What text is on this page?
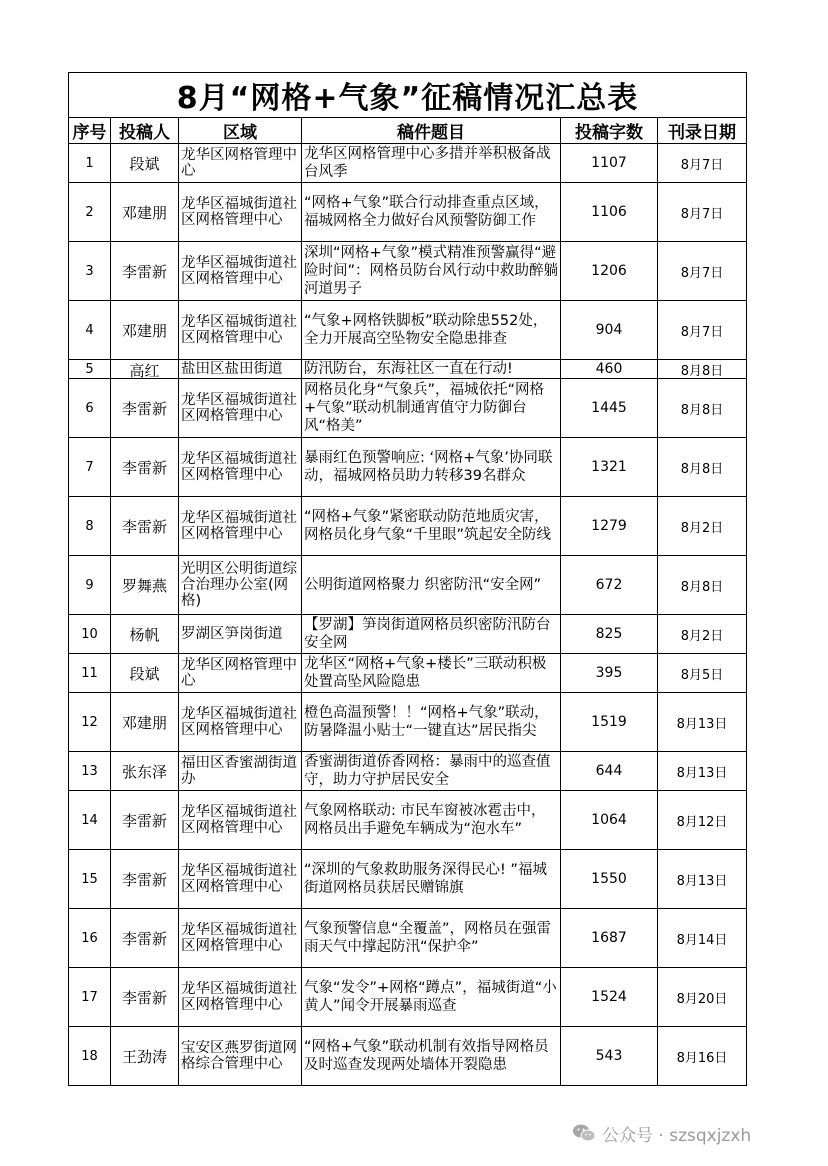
8月“网格+气象”征稿情况汇总表					
序号	投稿人	区域	稿件题目	投稿字数	刊录日期

1	段斌	龙华区网格管理中心	龙华区网格管理中心多措并举积极备战台风季	1107	8月7日

2	邓建朋	龙华区福城街道社区网格管理中心	“网格+气象”联合行动排查重点区域，福城网格全力做好台风预警防御工作	1106	8月7日

3	李雷新	龙华区福城街道社区网格管理中心	深圳“网格+气象”模式精准预警赢得“避险时间”：网格员防台风行动中救助醉躺河道男子	1206	8月7日

4	邓建朋	龙华区福城街道社区网格管理中心	“气象+网格铁脚板”联动除患552处，全力开展高空坠物安全隐患排查	904	8月7日

5	高红	盐田区盐田街道	防汛防台，东海社区一直在行动!	460	8月8日

6	李雷新	龙华区福城街道社区网格管理中心	网格员化身“气象兵”，福城依托“网格+气象”联动机制通宵值守力防御台风“格美”	1445	8月8日

7	李雷新	龙华区福城街道社区网格管理中心	暴雨红色预警响应: ‘网格+气象’协同联动，福城网格员助力转移39名群众	1321	8月8日

8	李雷新	龙华区福城街道社区网格管理中心	“网格+气象”紧密联动防范地质灾害，网格员化身气象“千里眼”筑起安全防线	1279	8月2日

9	罗舞燕	光明区公明街道综合治理办公室(网格)	公明街道网格聚力 织密防汛“安全网”	672	8月8日

10	杨帆	罗湖区笋岗街道	【罗湖】笋岗街道网格员织密防汛防台安全网	825	8月2日

11	段斌	龙华区网格管理中心	龙华区“网格+气象+楼长”三联动积极处置高坠风险隐患	395	8月5日

12	邓建朋	龙华区福城街道社区网格管理中心	橙色高温预警！！“网格+气象”联动，防暑降温小贴士“一键直达”居民指尖	1519	8月13日

13	张东泽	福田区香蜜湖街道办	香蜜湖街道侨香网格：暴雨中的巡查值守，助力守护居民安全	644	8月13日

14	李雷新	龙华区福城街道社区网格管理中心	气象网格联动: 市民车窗被冰雹击中，网格员出手避免车辆成为“泡水车”	1064	8月12日

15	李雷新	龙华区福城街道社区网格管理中心	“深圳的气象救助服务深得民心! ”福城街道网格员获居民赠锦旗	1550	8月13日

16	李雷新	龙华区福城街道社区网格管理中心	气象预警信息“全覆盖”，网格员在强雷雨天气中撑起防汛“保护伞”	1687	8月14日

17	李雷新	龙华区福城街道社区网格管理中心	气象“发令”+网格“蹲点”，福城街道“小黄人”闻令开展暴雨巡查	1524	8月20日

18	王劲涛	宝安区燕罗街道网格综合管理中心	“网格+气象”联动机制有效指导网格员及时巡查发现两处墙体开裂隐患	543	8月16日
公众号 · szsqxjzxh
